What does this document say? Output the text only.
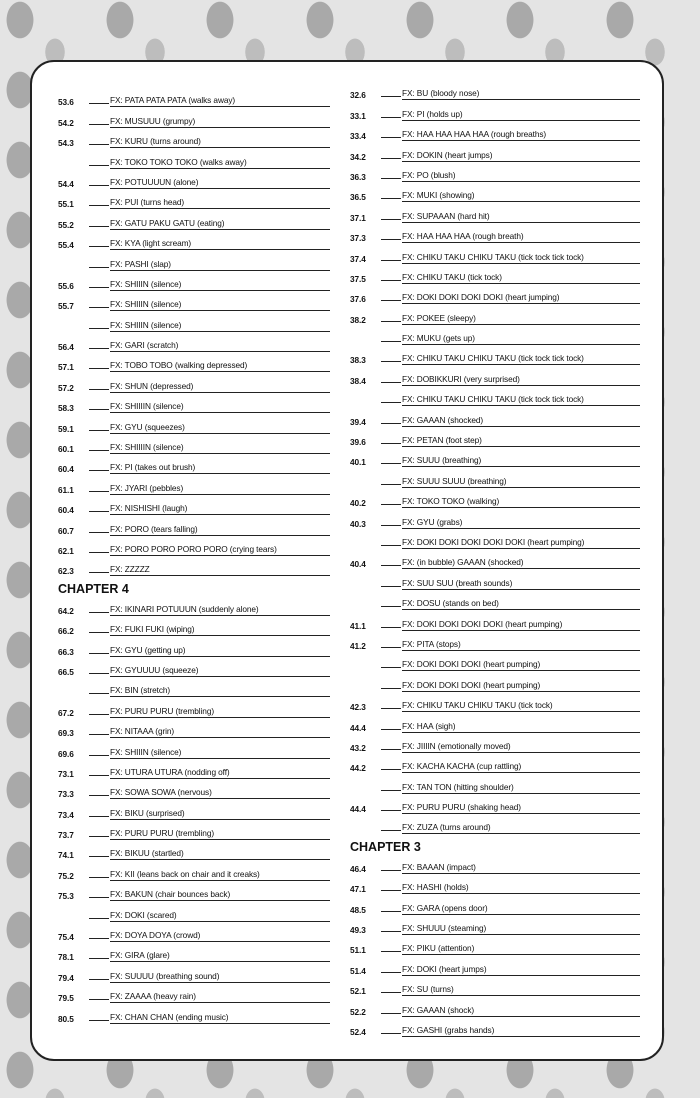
53.6	FX: PATA PATA PATA (walks away)
54.2	FX: MUSUUU (grumpy)
54.3	FX: KURU (turns around)
FX: TOKO TOKO TOKO (walks away)
54.4	FX: POTUUUUN (alone)
55.1	FX: PUI (turns head)
55.2	FX: GATU PAKU GATU (eating)
55.4	FX: KYA (light scream)
FX: PASHI (slap)
55.6	FX: SHIIIN (silence)
55.7	FX: SHIIIN (silence)
FX: SHIIIN (silence)
56.4	FX: GARI (scratch)
57.1	FX: TOBO TOBO (walking depressed)
57.2	FX: SHUN (depressed)
58.3	FX: SHIIIIN (silence)
59.1	FX: GYU (squeezes)
60.1	FX: SHIIIIN (silence)
60.4	FX: PI (takes out brush)
61.1	FX: JYARI (pebbles)
60.4	FX: NISHISHI (laugh)
60.7	FX: PORO (tears falling)
62.1	FX: PORO PORO PORO PORO (crying tears)
62.3	FX: ZZZZZ
CHAPTER 4
64.2	FX: IKINARI POTUUUN (suddenly alone)
66.2	FX: FUKI FUKI (wiping)
66.3	FX: GYU (getting up)
66.5	FX: GYUUUU (squeeze)
FX: BIN (stretch)
67.2	FX: PURU PURU (trembling)
69.3	FX: NITAAA (grin)
69.6	FX: SHIIIN (silence)
73.1	FX: UTURA UTURA (nodding off)
73.3	FX: SOWA SOWA (nervous)
73.4	FX: BIKU (surprised)
73.7	FX: PURU PURU (trembling)
74.1	FX: BIKUU (startled)
75.2	FX: KII (leans back on chair and it creaks)
75.3	FX: BAKUN (chair bounces back)
FX: DOKI (scared)
75.4	FX: DOYA DOYA (crowd)
78.1	FX: GIRA (glare)
79.4	FX: SUUUU (breathing sound)
79.5	FX: ZAAAA (heavy rain)
80.5	FX: CHAN CHAN (ending music)
32.6	FX: BU (bloody nose)
33.1	FX: PI (holds up)
33.4	FX: HAA HAA HAA HAA (rough breaths)
34.2	FX: DOKIN (heart jumps)
36.3	FX: PO (blush)
36.5	FX: MUKI (showing)
37.1	FX: SUPAAAN (hard hit)
37.3	FX: HAA HAA HAA (rough breath)
37.4	FX: CHIKU TAKU CHIKU TAKU (tick tock tick tock)
37.5	FX: CHIKU TAKU (tick tock)
37.6	FX: DOKI DOKI DOKI DOKI (heart jumping)
38.2	FX: POKEE (sleepy)
FX: MUKU (gets up)
38.3	FX: CHIKU TAKU CHIKU TAKU (tick tock tick tock)
38.4	FX: DOBIKKURI (very surprised)
FX: CHIKU TAKU CHIKU TAKU (tick tock tick tock)
39.4	FX: GAAAN (shocked)
39.6	FX: PETAN (foot step)
40.1	FX: SUUU (breathing)
FX: SUUU SUUU (breathing)
40.2	FX: TOKO TOKO (walking)
40.3	FX: GYU (grabs)
FX: DOKI DOKI DOKI DOKI DOKI (heart pumping)
40.4	FX: (in bubble) GAAAN (shocked)
FX: SUU SUU (breath sounds)
FX: DOSU (stands on bed)
41.1	FX: DOKI DOKI DOKI DOKI (heart pumping)
41.2	FX: PITA (stops)
FX: DOKI DOKI DOKI (heart pumping)
FX: DOKI DOKI DOKI (heart pumping)
42.3	FX: CHIKU TAKU CHIKU TAKU (tick tock)
44.4	FX: HAA (sigh)
43.2	FX: JIIIIN (emotionally moved)
44.2	FX: KACHA KACHA (cup rattling)
FX: TAN TON (hitting shoulder)
44.4	FX: PURU PURU (shaking head)
FX: ZUZA (turns around)
CHAPTER 3
46.4	FX: BAAAN (impact)
47.1	FX: HASHI (holds)
48.5	FX: GARA (opens door)
49.3	FX: SHUUU (steaming)
51.1	FX: PIKU (attention)
51.4	FX: DOKI (heart jumps)
52.1	FX: SU (turns)
52.2	FX: GAAAN (shock)
52.4	FX: GASHI (grabs hands)
